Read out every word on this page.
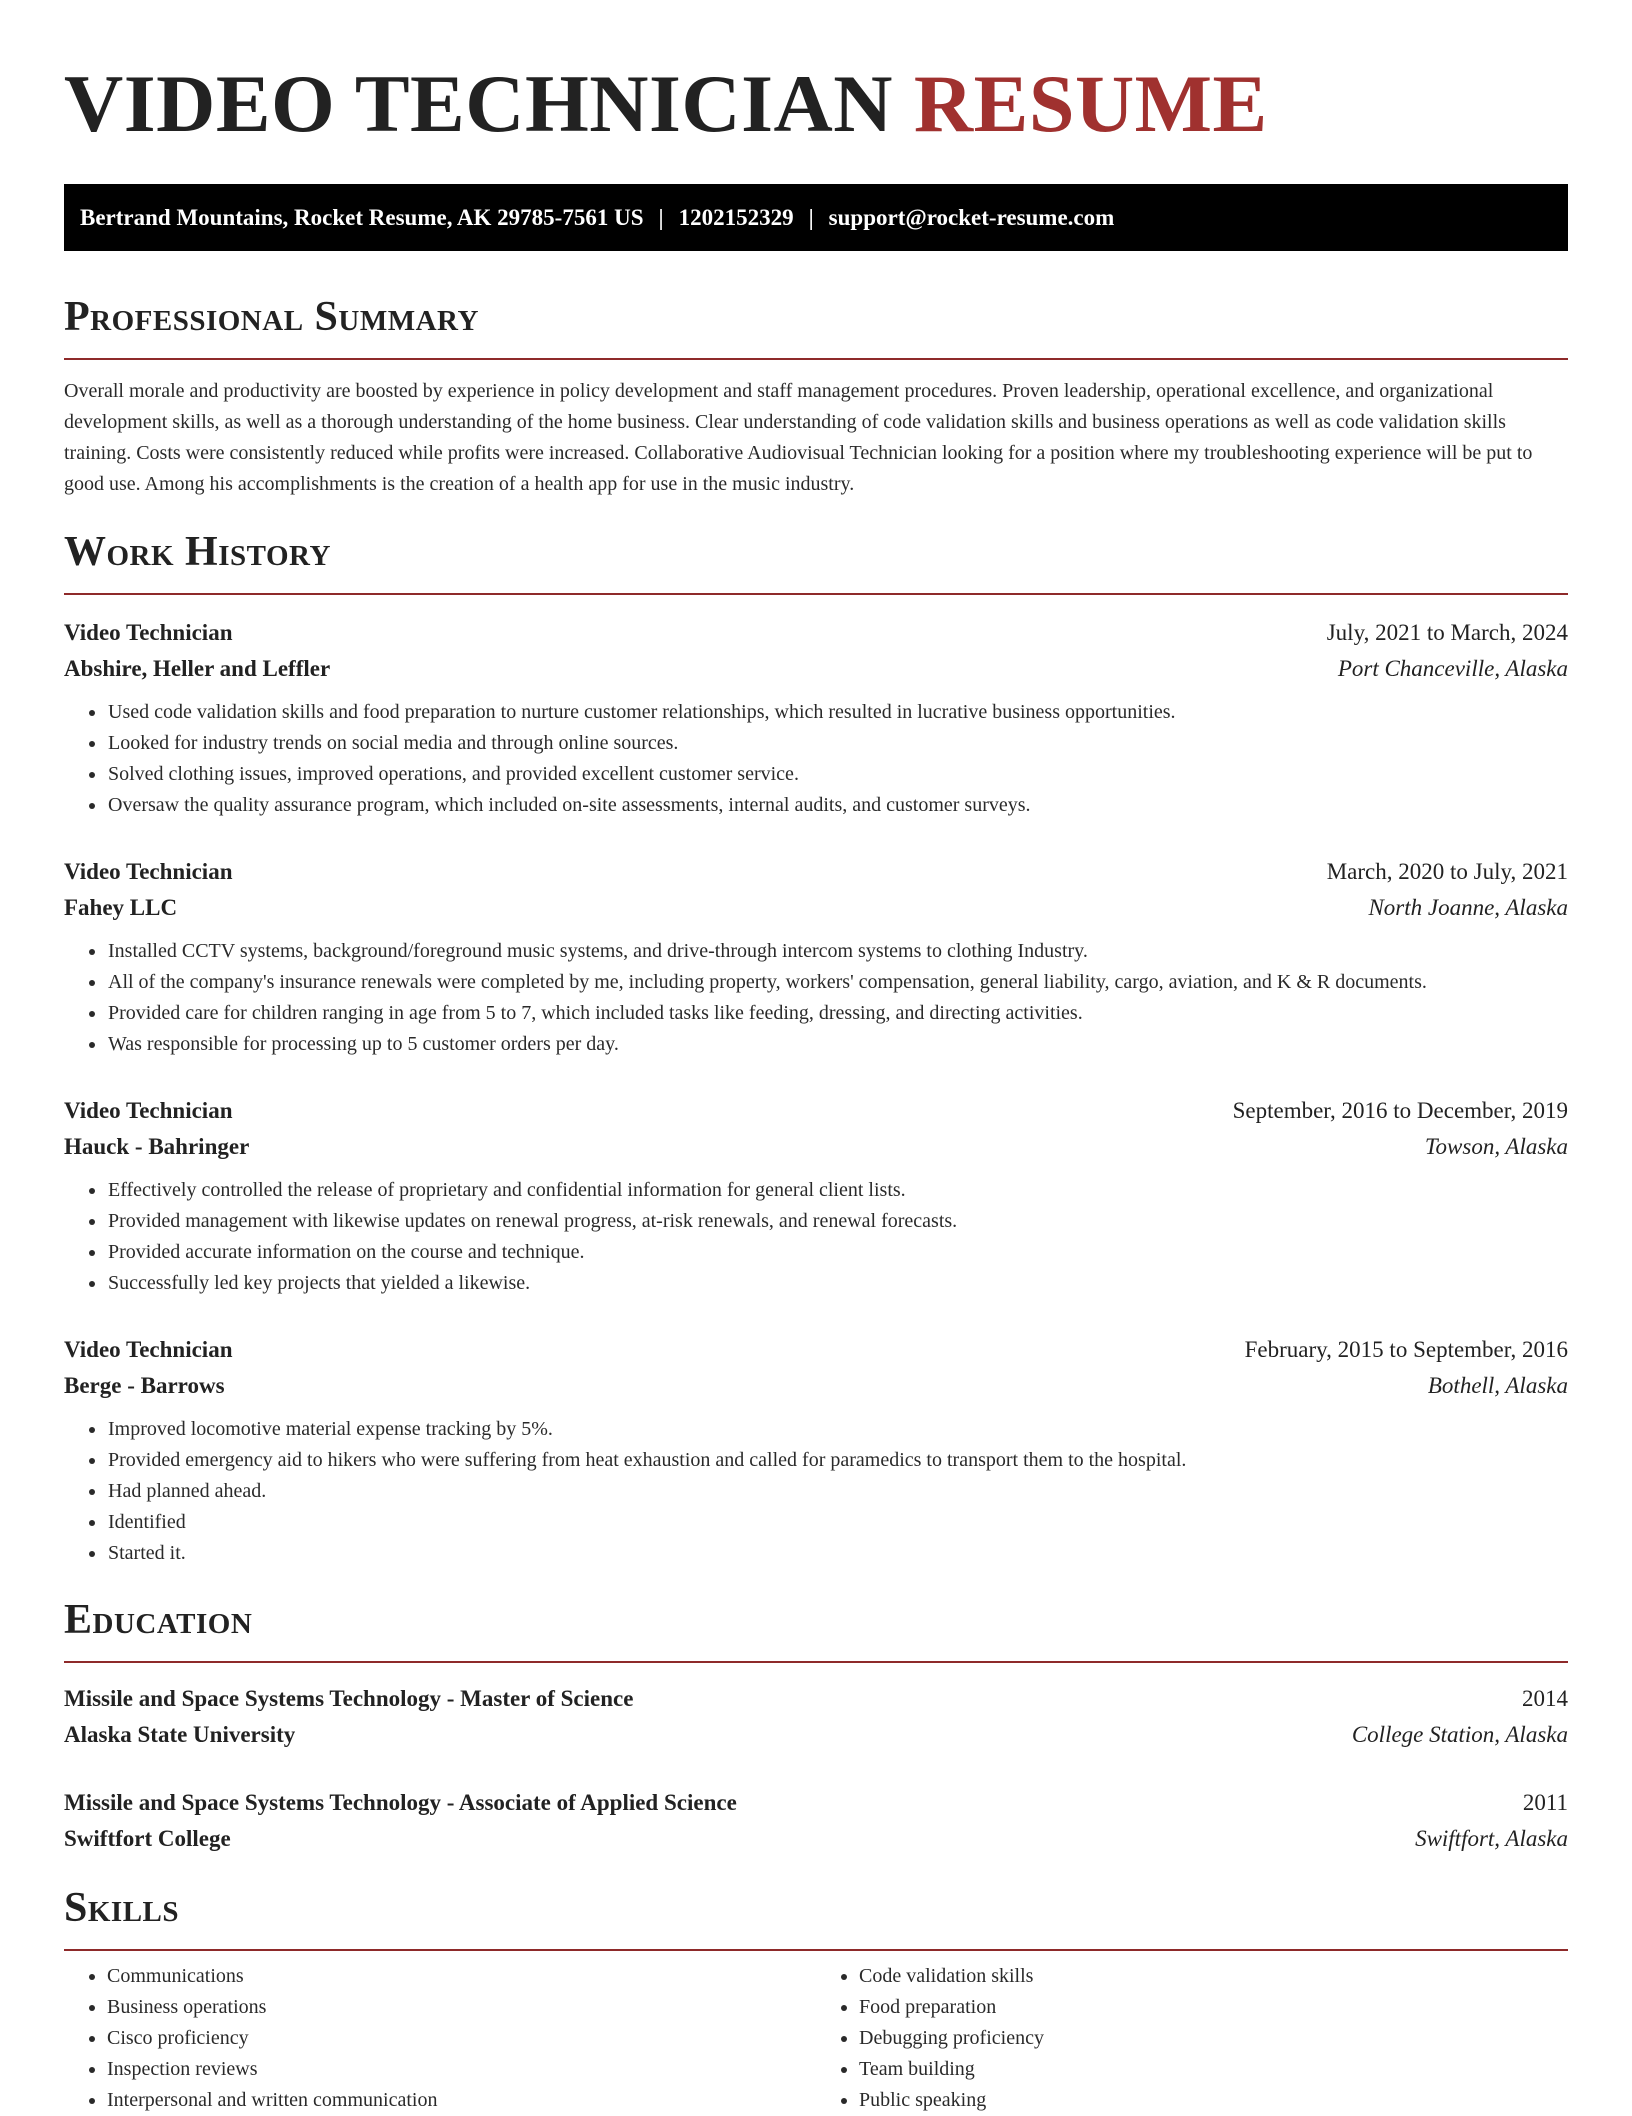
VIDEO TECHNICIAN RESUME
Bertrand Mountains, Rocket Resume, AK 29785-7561 US | 1202152329 | support@rocket-resume.com
Professional Summary

Overall morale and productivity are boosted by experience in policy development and staff management procedures. Proven leadership, operational excellence, and organizational development skills, as well as a thorough understanding of the home business. Clear understanding of code validation skills and business operations as well as code validation skills training. Costs were consistently reduced while profits were increased. Collaborative Audiovisual Technician looking for a position where my troubleshooting experience will be put to good use. Among his accomplishments is the creation of a health app for use in the music industry.

Work History
Video Technician	July, 2021 to March, 2024
Abshire, Heller and Leffler	Port Chanceville, Alaska
• Used code validation skills and food preparation to nurture customer relationships, which resulted in lucrative business opportunities.
• Looked for industry trends on social media and through online sources.
• Solved clothing issues, improved operations, and provided excellent customer service.
• Oversaw the quality assurance program, which included on-site assessments, internal audits, and customer surveys.
Video Technician	March, 2020 to July, 2021
Fahey LLC	North Joanne, Alaska
• Installed CCTV systems, background/foreground music systems, and drive-through intercom systems to clothing Industry.
• All of the company's insurance renewals were completed by me, including property, workers' compensation, general liability, cargo, aviation, and K & R documents.
• Provided care for children ranging in age from 5 to 7, which included tasks like feeding, dressing, and directing activities.
• Was responsible for processing up to 5 customer orders per day.
Video Technician	September, 2016 to December, 2019
Hauck - Bahringer	Towson, Alaska
• Effectively controlled the release of proprietary and confidential information for general client lists.
• Provided management with likewise updates on renewal progress, at-risk renewals, and renewal forecasts.
• Provided accurate information on the course and technique.
• Successfully led key projects that yielded a likewise.
Video Technician	February, 2015 to September, 2016
Berge - Barrows	Bothell, Alaska
• Improved locomotive material expense tracking by 5%.
• Provided emergency aid to hikers who were suffering from heat exhaustion and called for paramedics to transport them to the hospital.
• Had planned ahead.
• Identified
• Started it.
Education
Missile and Space Systems Technology - Master of Science	2014
Alaska State University	College Station, Alaska
Missile and Space Systems Technology - Associate of Applied Science	2011
Swiftfort College	Swiftfort, Alaska
Skills
• Communications
• Business operations
• Cisco proficiency
• Inspection reviews
• Interpersonal and written communication
• Code validation skills
• Food preparation
• Debugging proficiency
• Team building
• Public speaking
